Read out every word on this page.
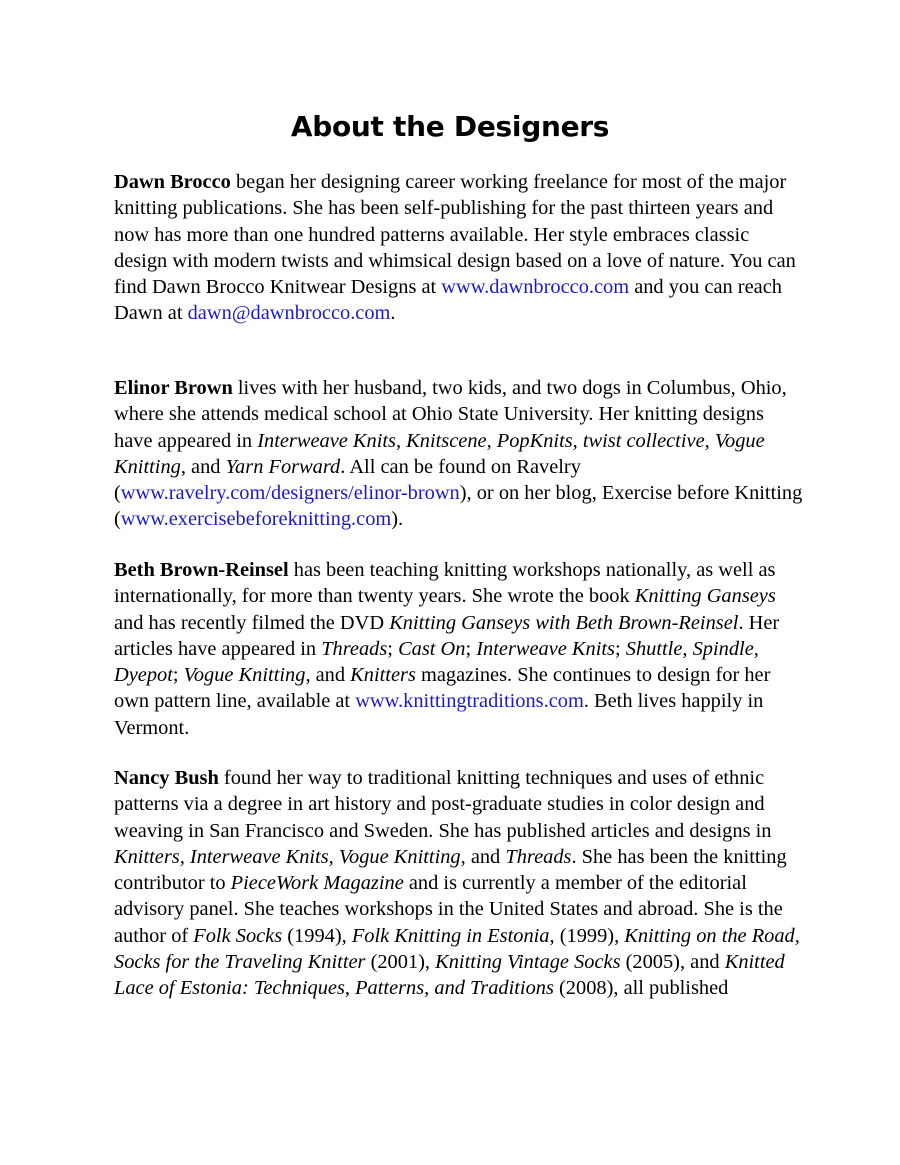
About the Designers

Dawn Brocco began her designing career working freelance for most of the major knitting publications. She has been self-publishing for the past thirteen years and now has more than one hundred patterns available. Her style embraces classic design with modern twists and whimsical design based on a love of nature. You can find Dawn Brocco Knitwear Designs at www.dawnbrocco.com and you can reach Dawn at dawn@dawnbrocco.com.

Elinor Brown lives with her husband, two kids, and two dogs in Columbus, Ohio, where she attends medical school at Ohio State University. Her knitting designs have appeared in Interweave Knits, Knitscene, PopKnits, twist collective, Vogue Knitting, and Yarn Forward. All can be found on Ravelry (www.ravelry.com/designers/elinor-brown), or on her blog, Exercise before Knitting (www.exercisebeforeknitting.com).

Beth Brown-Reinsel has been teaching knitting workshops nationally, as well as internationally, for more than twenty years. She wrote the book Knitting Ganseys and has recently filmed the DVD Knitting Ganseys with Beth Brown-Reinsel. Her articles have appeared in Threads; Cast On; Interweave Knits; Shuttle, Spindle, Dyepot; Vogue Knitting, and Knitters magazines. She continues to design for her own pattern line, available at www.knittingtraditions.com. Beth lives happily in Vermont.

Nancy Bush found her way to traditional knitting techniques and uses of ethnic patterns via a degree in art history and post-graduate studies in color design and weaving in San Francisco and Sweden. She has published articles and designs in Knitters, Interweave Knits, Vogue Knitting, and Threads. She has been the knitting contributor to PieceWork Magazine and is currently a member of the editorial advisory panel. She teaches workshops in the United States and abroad. She is the author of Folk Socks (1994), Folk Knitting in Estonia, (1999), Knitting on the Road, Socks for the Traveling Knitter (2001), Knitting Vintage Socks (2005), and Knitted Lace of Estonia: Techniques, Patterns, and Traditions (2008), all published
